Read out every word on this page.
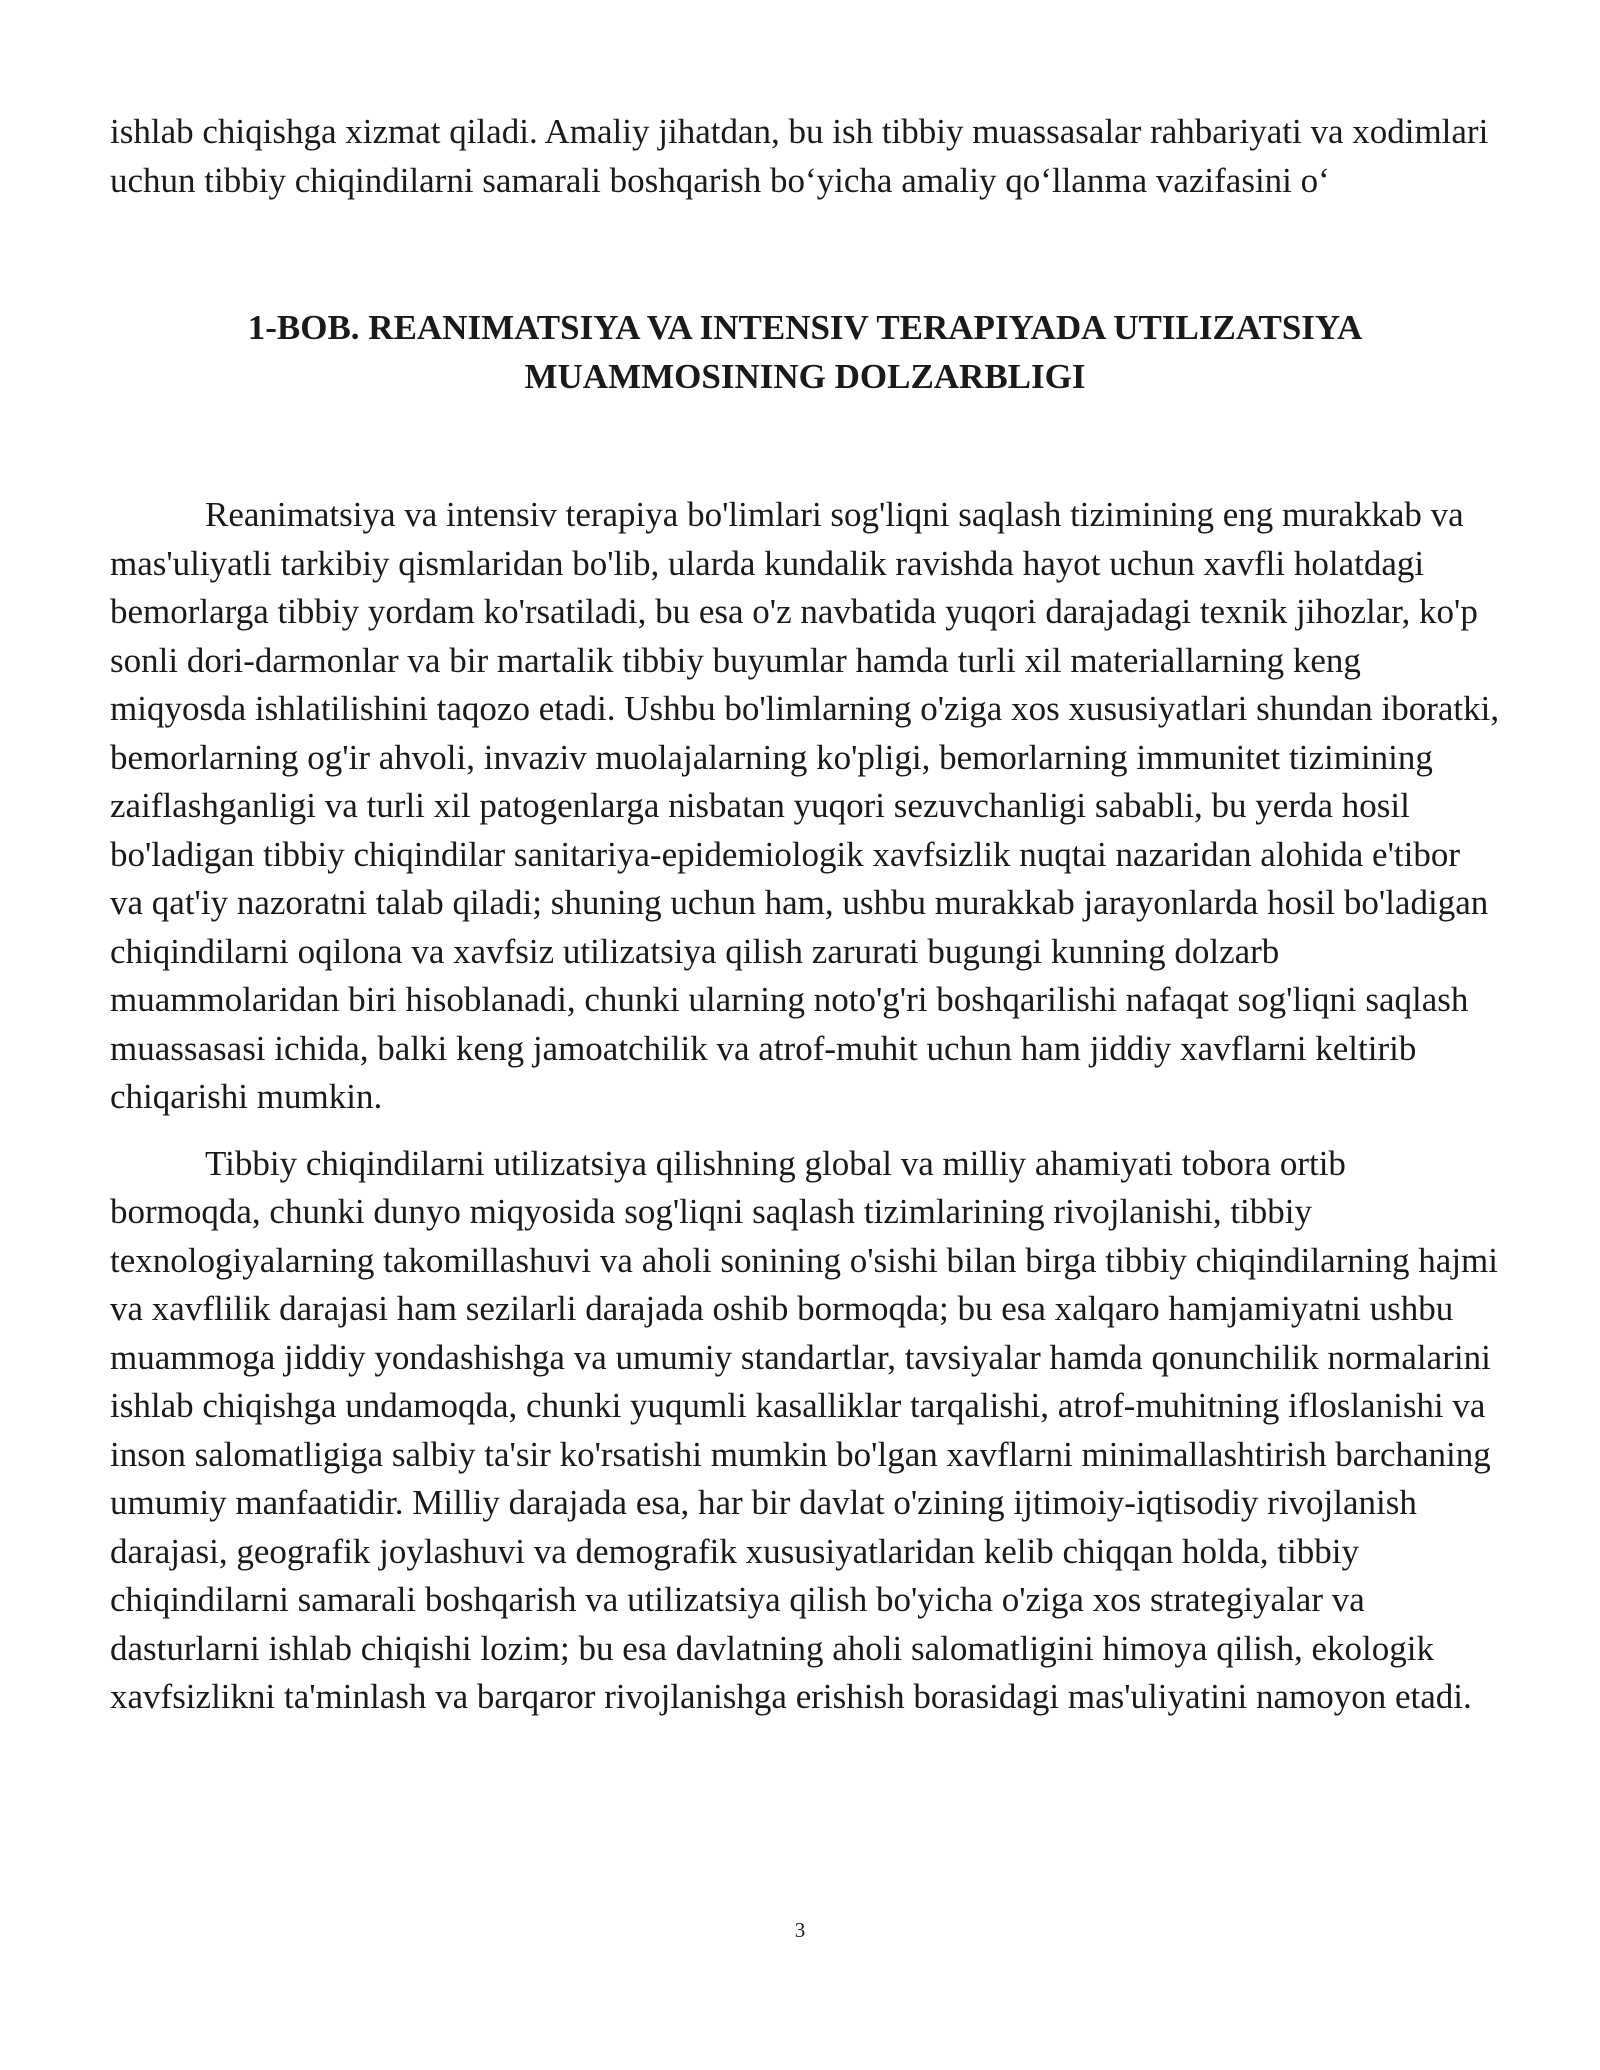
ishlab chiqishga xizmat qiladi. Amaliy jihatdan, bu ish tibbiy muassasalar rahbariyati va xodimlari uchun tibbiy chiqindilarni samarali boshqarish bo‘yicha amaliy qo‘llanma vazifasini o‘

1-BOB. REANIMATSIYA VA INTENSIV TERAPIYADA UTILIZATSIYA

MUAMMOSINING DOLZARBLIGI

Reanimatsiya va intensiv terapiya bo'limlari sog'liqni saqlash tizimining eng murakkab va mas'uliyatli tarkibiy qismlaridan bo'lib, ularda kundalik ravishda hayot uchun xavfli holatdagi bemorlarga tibbiy yordam ko'rsatiladi, bu esa o'z navbatida yuqori darajadagi texnik jihozlar, ko'p sonli dori-darmonlar va bir martalik tibbiy buyumlar hamda turli xil materiallarning keng miqyosda ishlatilishini taqozo etadi. Ushbu bo'limlarning o'ziga xos xususiyatlari shundan iboratki, bemorlarning og'ir ahvoli, invaziv muolajalarning ko'pligi, bemorlarning immunitet tizimining zaiflashganligi va turli xil patogenlarga nisbatan yuqori sezuvchanligi sababli, bu yerda hosil bo'ladigan tibbiy chiqindilar sanitariya-epidemiologik xavfsizlik nuqtai nazaridan alohida e'tibor va qat'iy nazoratni talab qiladi; shuning uchun ham, ushbu murakkab jarayonlarda hosil bo'ladigan chiqindilarni oqilona va xavfsiz utilizatsiya qilish zarurati bugungi kunning dolzarb muammolaridan biri hisoblanadi, chunki ularning noto'g'ri boshqarilishi nafaqat sog'liqni saqlash muassasasi ichida, balki keng jamoatchilik va atrof-muhit uchun ham jiddiy xavflarni keltirib chiqarishi mumkin.

Tibbiy chiqindilarni utilizatsiya qilishning global va milliy ahamiyati tobora ortib bormoqda, chunki dunyo miqyosida sog'liqni saqlash tizimlarining rivojlanishi, tibbiy texnologiyalarning takomillashuvi va aholi sonining o'sishi bilan birga tibbiy chiqindilarning hajmi va xavflilik darajasi ham sezilarli darajada oshib bormoqda; bu esa xalqaro hamjamiyatni ushbu muammoga jiddiy yondashishga va umumiy standartlar, tavsiyalar hamda qonunchilik normalarini ishlab chiqishga undamoqda, chunki yuqumli kasalliklar tarqalishi, atrof-muhitning ifloslanishi va inson salomatligiga salbiy ta'sir ko'rsatishi mumkin bo'lgan xavflarni minimallashtirish barchaning umumiy manfaatidir. Milliy darajada esa, har bir davlat o'zining ijtimoiy-iqtisodiy rivojlanish darajasi, geografik joylashuvi va demografik xususiyatlaridan kelib chiqqan holda, tibbiy chiqindilarni samarali boshqarish va utilizatsiya qilish bo'yicha o'ziga xos strategiyalar va dasturlarni ishlab chiqishi lozim; bu esa davlatning aholi salomatligini himoya qilish, ekologik xavfsizlikni ta'minlash va barqaror rivojlanishga erishish borasidagi mas'uliyatini namoyon etadi.

3
